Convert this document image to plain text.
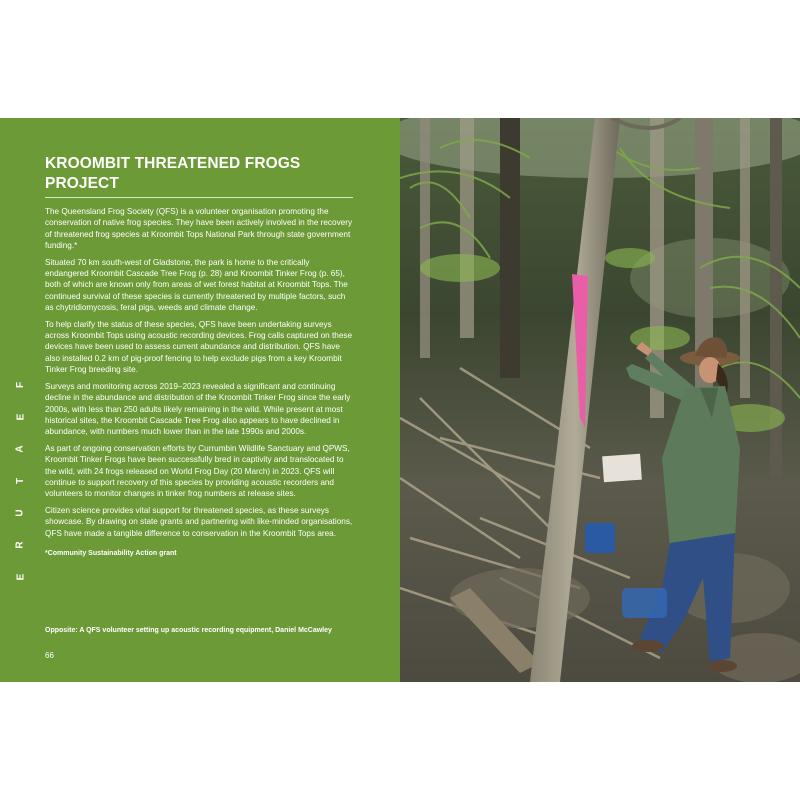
F
E
A
T
U
R
E
KROOMBIT THREATENED FROGS PROJECT

The Queensland Frog Society (QFS) is a volunteer organisation promoting the conservation of native frog species. They have been actively involved in the recovery of threatened frog species at Kroombit Tops National Park through state government funding.*

Situated 70 km south-west of Gladstone, the park is home to the critically endangered Kroombit Cascade Tree Frog (p. 28) and Kroombit Tinker Frog (p. 65), both of which are known only from areas of wet forest habitat at Kroombit Tops. The continued survival of these species is currently threatened by multiple factors, such as chytridiomycosis, feral pigs, weeds and climate change.

To help clarify the status of these species, QFS have been undertaking surveys across Kroombit Tops using acoustic recording devices. Frog calls captured on these devices have been used to assess current abundance and distribution. QFS have also installed 0.2 km of pig-proof fencing to help exclude pigs from a key Kroombit Tinker Frog breeding site.

Surveys and monitoring across 2019–2023 revealed a significant and continuing decline in the abundance and distribution of the Kroombit Tinker Frog since the early 2000s, with less than 250 adults likely remaining in the wild. While present at most historical sites, the Kroombit Cascade Tree Frog also appears to have declined in abundance, with numbers much lower than in the late 1990s and 2000s.

As part of ongoing conservation efforts by Currumbin Wildlife Sanctuary and QPWS, Kroombit Tinker Frogs have been successfully bred in captivity and translocated to the wild, with 24 frogs released on World Frog Day (20 March) in 2023. QFS will continue to support recovery of this species by providing acoustic recorders and volunteers to monitor changes in tinker frog numbers at release sites.

Citizen science provides vital support for threatened species, as these surveys showcase. By drawing on state grants and partnering with like-minded organisations, QFS have made a tangible difference to conservation in the Kroombit Tops area.

*Community Sustainability Action grant

Opposite: A QFS volunteer setting up acoustic recording equipment, Daniel McCawley
66
